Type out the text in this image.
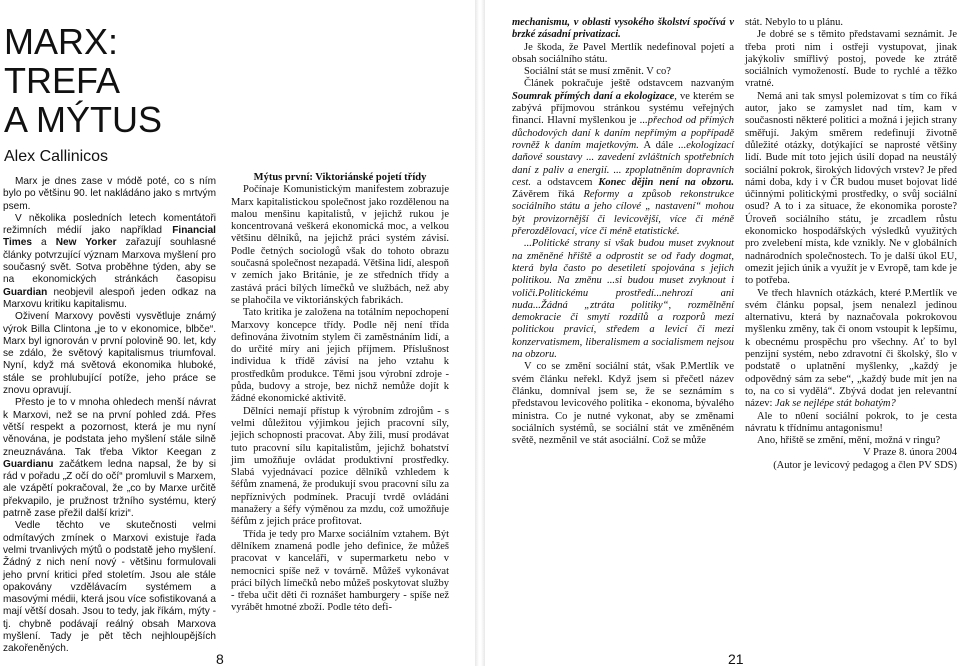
MARX:
TREFA
A MÝTUS
Alex Callinicos

Marx je dnes zase v módě poté, co s ním bylo po většinu 90. let nakládáno jako s mrtvým psem.

V několika posledních letech komentátoři režimních médií jako například Financial Times a New Yorker zařazují souhlasné články potvrzující význam Marxova myšlení pro současný svět. Sotva proběhne týden, aby se na ekonomických stránkách časopisu Guardian neobjevil alespoň jeden odkaz na Marxovu kritiku kapitalismu.

Oživení Marxovy pověsti vysvětluje známý výrok Billa Clintona „je to v ekonomice, blbče“. Marx byl ignorován v první polovině 90. let, kdy se zdálo, že světový kapitalismus triumfoval. Nyní, když má světová ekonomika hluboké, stále se prohlubující potíže, jeho práce se znovu opravují.

Přesto je to v mnoha ohledech menší návrat k Marxovi, než se na první pohled zdá. Přes větší respekt a pozornost, která je mu nyní věnována, je podstata jeho myšlení stále silně zneuznávána. Tak třeba Viktor Keegan z Guardianu začátkem ledna napsal, že by si rád v pořadu „Z očí do očí“ promluvil s Marxem, ale vzápětí pokračoval, že „co by Marxe určitě překvapilo, je pružnost tržního systému, který patrně zase přežil další krizi“.

Vedle těchto ve skutečnosti velmi odmítavých zmínek o Marxovi existuje řada velmi trvanlivých mýtů o podstatě jeho myšlení. Žádný z nich není nový - většinu formulovali jeho první kritici před stoletím. Jsou ale stále opakovány vzdělávacím systémem a masovými médii, která jsou více sofistikovaná a mají větší dosah. Jsou to tedy, jak říkám, mýty - tj. chybně podávají reálný obsah Marxova myšlení. Tady je pět těch nejhloupějších zakořeněných.

Mýtus první: Viktoriánské pojetí třídy

Počínaje Komunistickým manifestem zobrazuje Marx kapitalistickou společnost jako rozdělenou na malou menšinu kapitalistů, v jejichž rukou je koncentrovaná veškerá ekonomická moc, a velkou většinu dělníků, na jejichž práci systém závisí. Podle četných sociologů však do tohoto obrazu současná společnost nezapadá. Většina lidí, alespoň v zemích jako Británie, je ze středních třídy a zastává práci bílých límečků ve službách, než aby se plahočila ve viktoriánských fabrikách.

Tato kritika je založena na totálním nepochopení Marxovy koncepce třídy. Podle něj není třída definována životním stylem či zaměstnáním lidí, a do určité míry ani jejich příjmem. Příslušnost individua k třídě závisí na jeho vztahu k prostředkům produkce. Těmi jsou výrobní zdroje - půda, budovy a stroje, bez nichž nemůže dojít k žádné ekonomické aktivitě.

Dělníci nemají přístup k výrobním zdrojům - s velmi důležitou výjimkou jejich pracovní síly, jejich schopnosti pracovat. Aby žili, musí prodávat tuto pracovní sílu kapitalistům, jejichž bohatství jim umožňuje ovládat produktivní prostředky. Slabá vyjednávací pozice dělníků vzhledem k šéfům znamená, že produkují svou pracovní sílu za nepříznivých podmínek. Pracují tvrdě ovládáni manažery a šéfy výměnou za mzdu, což umožňuje šéfům z jejich práce profitovat.

Třída je tedy pro Marxe sociálním vztahem. Být dělníkem znamená podle jeho definice, že můžeš pracovat v kanceláři, v supermarketu nebo v nemocnici spíše než v továrně. Můžeš vykonávat práci bílých límečků nebo můžeš poskytovat služby - třeba učit děti či roznášet hamburgery - spíše než vyrábět hmotné zboží. Podle této defi-

8

mechanismu, v oblasti vysokého školství spočívá v brzké zásadní privatizaci.

Je škoda, že Pavel Mertlík nedefinoval pojetí a obsah sociálního státu.

Sociální stát se musí změnit. V co?

Článek pokračuje ještě odstavcem nazvaným Soumrak přímých daní a ekologizace, ve kterém se zabývá příjmovou stránkou systému veřejných financí. Hlavní myšlenkou je ...přechod od přímých důchodových daní k daním nepřímým a popřípadě rovněž k daním majetkovým. A dále ...ekologizací daňové soustavy ... zavedení zvláštních spotřebních daní z paliv a energií. ... zpoplatněním dopravních cest. a odstavcem Konec dějin není na obzoru. Závěrem říká Reformy a způsob rekonstrukce sociálního státu a jeho cílové „ nastavení“ mohou být provizornější či levicovější, více či méně přerozdělovací, více či méně etatistické.

...Politické strany si však budou muset zvyknout na změněné hřiště a odprostit se od řady dogmat, která byla často po desetiletí spojována s jejich politikou. Na změnu ...si budou muset zvyknout i voliči.Politickému prostředí...nehrozí ani nuda...Žádná „ztráta politiky“, rozmělnění demokracie či smytí rozdílů a rozporů mezi politickou pravicí, středem a levicí či mezi konzervatismem, liberalismem a socialismem nejsou na obzoru.

V co se změní sociální stát, však P.Mertlík ve svém článku neřekl. Když jsem si přečetl název článku, domníval jsem se, že se seznámím s představou levicového politika - ekonoma, bývalého ministra. Co je nutné vykonat, aby se změnami sociálních systémů, se sociální stát ve změněném světě, nezměnil ve stát asociální. Což se může

stát. Nebylo to u plánu.

Je dobré se s těmito představami seznámit. Je třeba proti nim i ostřeji vystupovat, jinak jakýkoliv smířlivý postoj, povede ke ztrátě sociálních vymožeností. Bude to rychlé a těžko vratné.

Nemá ani tak smysl polemizovat s tím co říká autor, jako se zamyslet nad tím, kam v současnosti některé politici a možná i jejich strany směřují. Jakým směrem redefinují životně důležité otázky, dotýkající se naprosté většiny lidí. Bude mít toto jejich úsilí dopad na neustálý sociální pokrok, širokých lidových vrstev? Je před námi doba, kdy i v ČR budou muset bojovat lidé účinnými politickými prostředky, o svůj sociální osud? A to i za situace, že ekonomika poroste? Úroveň sociálního státu, je zrcadlem růstu ekonomicko hospodářských výsledků využitých pro zvelebení místa, kde vznikly. Ne v globálních nadnárodních společnostech. To je další úkol EU, omezit jejich únik a využít je v Evropě, tam kde je to potřeba.

Ve třech hlavních otázkách, které P.Mertlík ve svém článku popsal, jsem nenalezl jedinou alternativu, která by naznačovala pokrokovou myšlenku změny, tak či onom vstoupit k lepšímu, k obecnému prospěchu pro všechny. Ať to byl penzijní systém, nebo zdravotní či školský, šlo v podstatě o uplatnění myšlenky, „každý je odpovědný sám za sebe“, „každý bude mít jen na to, na co si vydělá“. Zbývá dodat jen relevantní název: Jak se nejlépe stát bohatým?

Ale to n0ení sociální pokrok, to je cesta návratu k třídnímu antagonismu!

Ano, hřiště se změní, mění, možná v ringu?

V Praze 8. února 2004

(Autor je levicový pedagog a člen PV SDS)

21
